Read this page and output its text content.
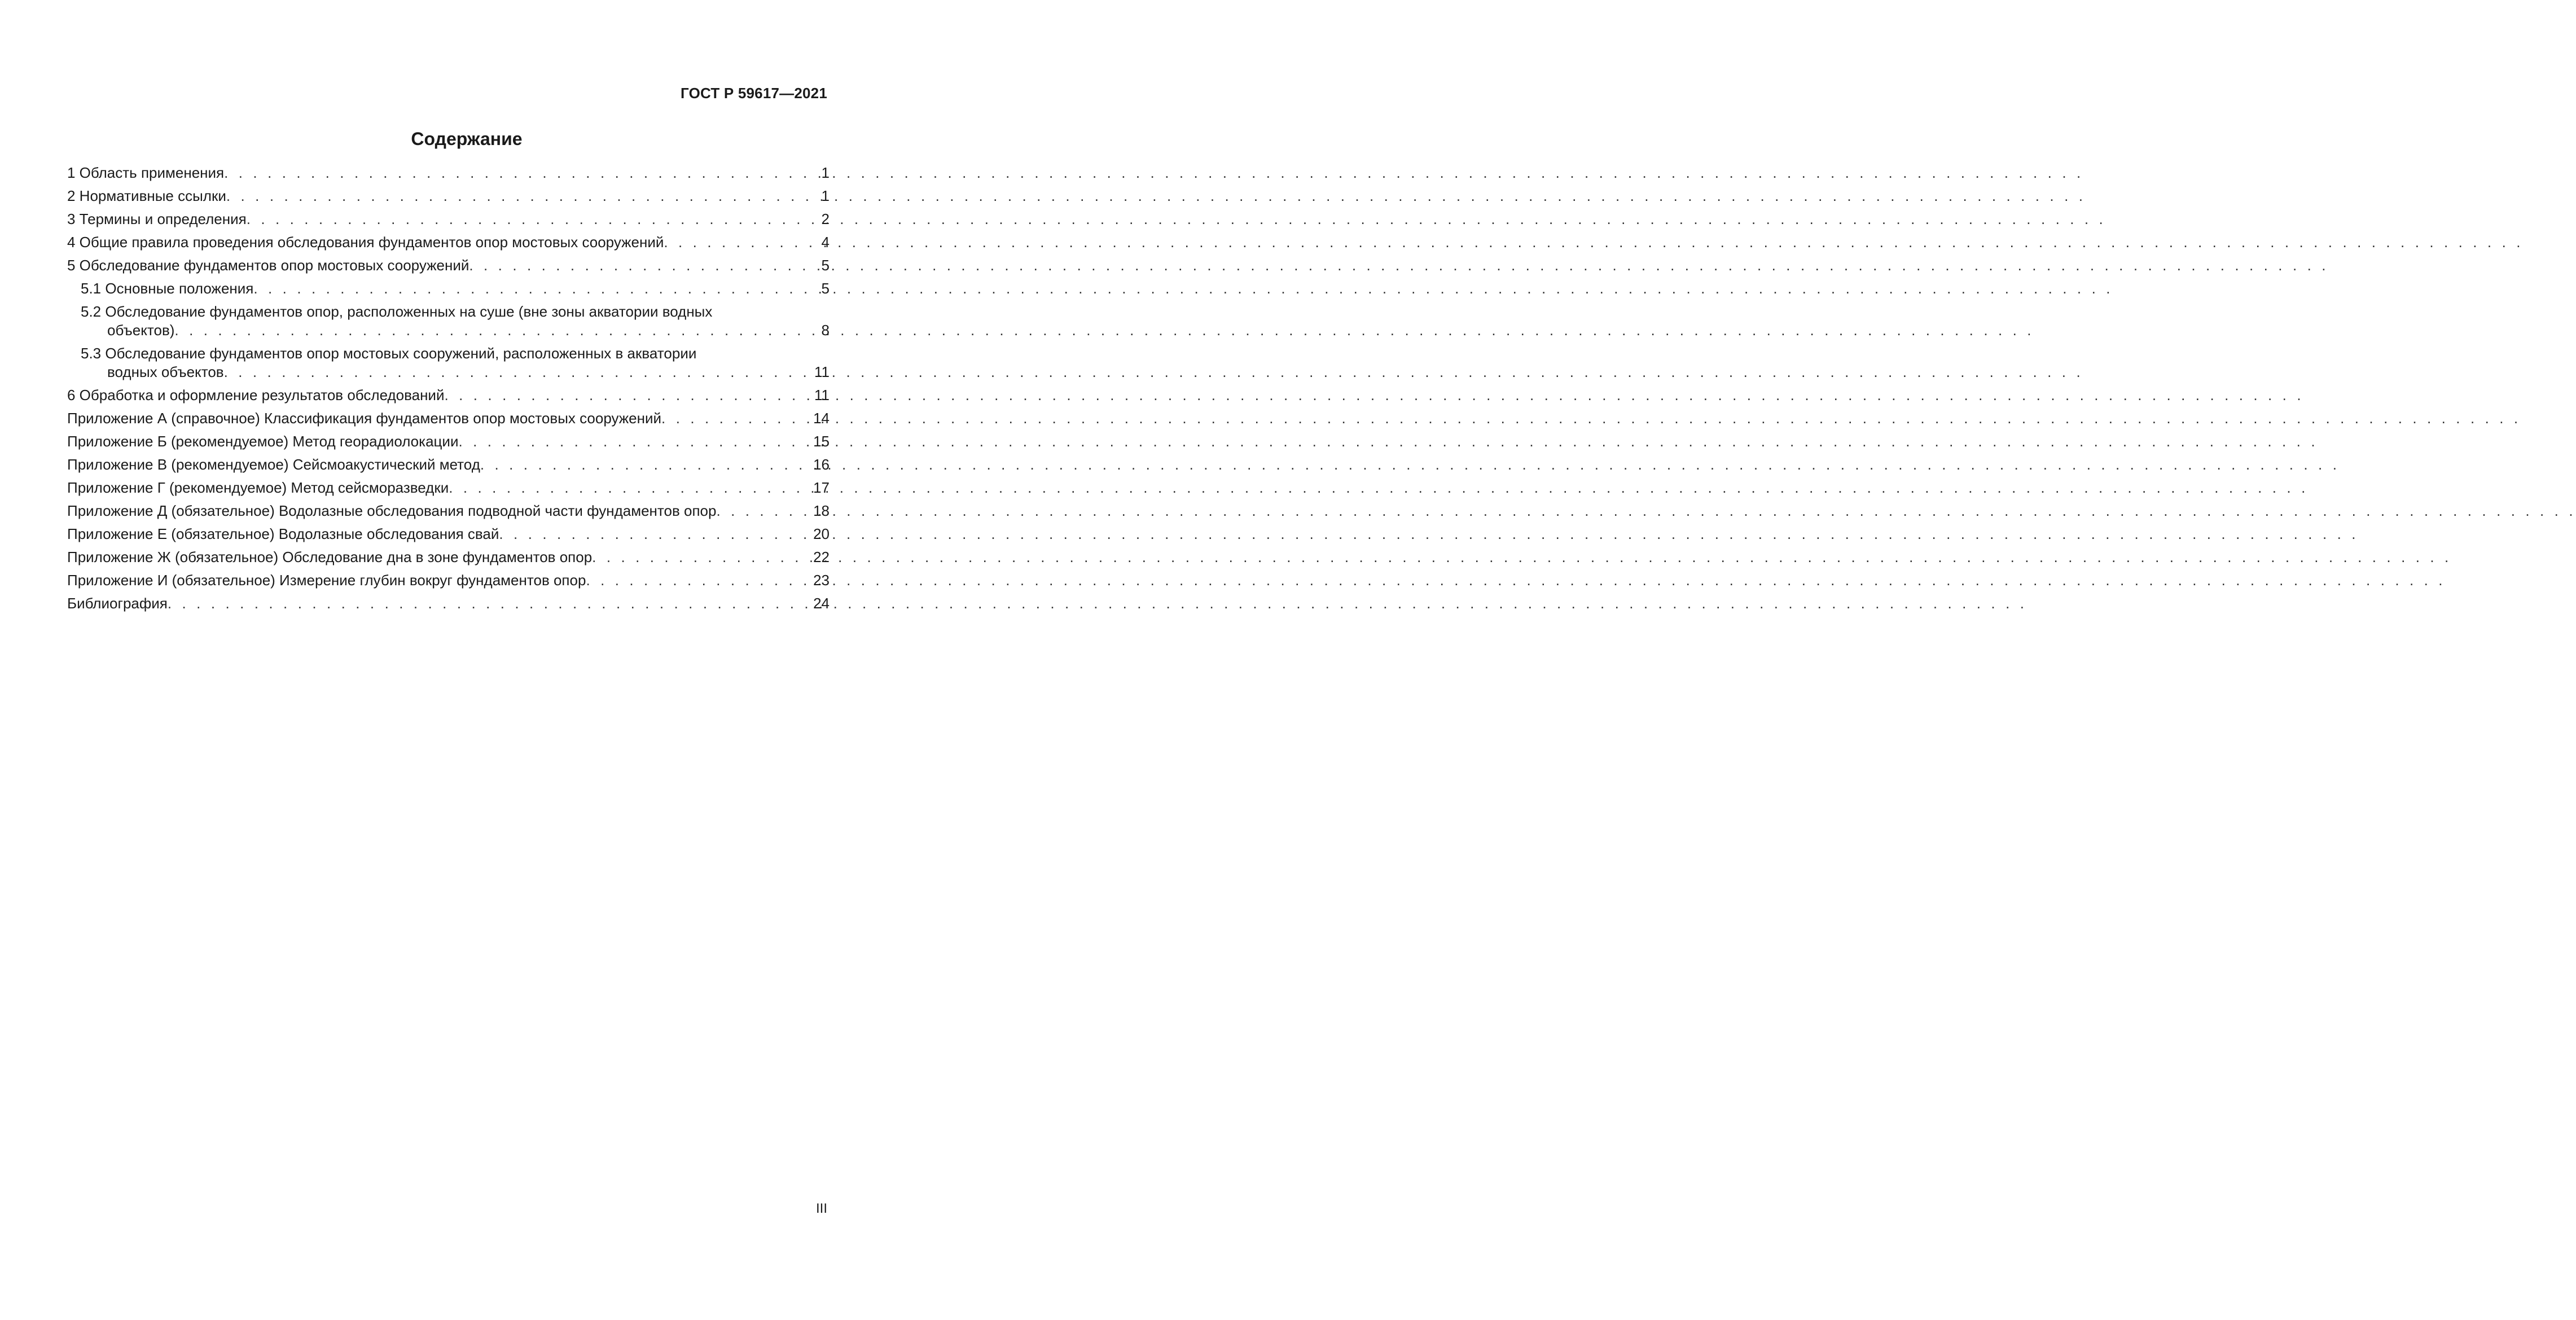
ГОСТ Р 59617—2021
Содержание
1 Область применения . . .	1
2 Нормативные ссылки . . .	1
3 Термины и определения . . .	2
4 Общие правила проведения обследования фундаментов опор мостовых сооружений . . .	4
5 Обследование фундаментов опор мостовых сооружений . . .	5
5.1 Основные положения . . .	5
5.2 Обследование фундаментов опор, расположенных на суше (вне зоны акватории водных
объектов) . . .	8
5.3 Обследование фундаментов опор мостовых сооружений, расположенных в акватории
водных объектов . . .	11
6 Обработка и оформление результатов обследований . . .	11
Приложение А (справочное) Классификация фундаментов опор мостовых сооружений . . .	14
Приложение Б (рекомендуемое) Метод георадиолокации . . .	15
Приложение В (рекомендуемое) Сейсмоакустический метод . . .	16
Приложение Г (рекомендуемое) Метод сейсморазведки . . .	17
Приложение Д (обязательное) Водолазные обследования подводной части фундаментов опор . . .	18
Приложение Е (обязательное) Водолазные обследования свай . . .	20
Приложение Ж (обязательное) Обследование дна в зоне фундаментов опор . . .	22
Приложение И (обязательное) Измерение глубин вокруг фундаментов опор . . .	23
Библиография . . .	24
III
